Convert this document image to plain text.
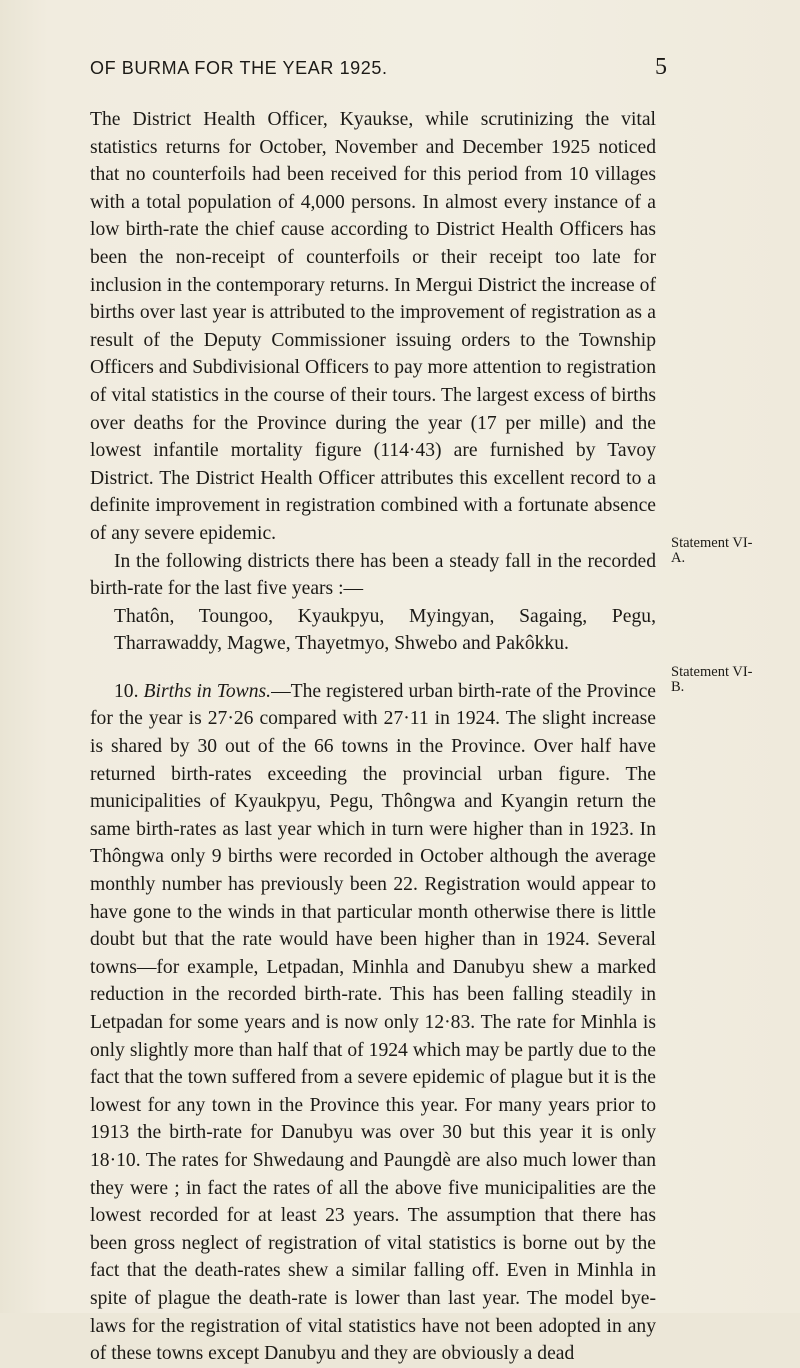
OF BURMA FOR THE YEAR 1925.	5

The District Health Officer, Kyaukse, while scrutinizing the vital statistics returns for October, November and December 1925 noticed that no counterfoils had been received for this period from 10 villages with a total population of 4,000 persons. In almost every instance of a low birth-rate the chief cause according to District Health Officers has been the non-receipt of counterfoils or their receipt too late for inclusion in the contemporary returns. In Mergui District the increase of births over last year is attributed to the improvement of registration as a result of the Deputy Commissioner issuing orders to the Township Officers and Subdivisional Officers to pay more attention to registration of vital statistics in the course of their tours. The largest excess of births over deaths for the Province during the year (17 per mille) and the lowest infantile mortality figure (114·43) are furnished by Tavoy District. The District Health Officer attributes this excellent record to a definite improvement in registration combined with a fortunate absence of any severe epidemic.

In the following districts there has been a steady fall in the recorded birth-rate for the last five years :—

Thatôn, Toungoo, Kyaukpyu, Myingyan, Sagaing, Pegu, Tharrawaddy, Magwe, Thayetmyo, Shwebo and Pakôkku.

10. Births in Towns.—The registered urban birth-rate of the Province for the year is 27·26 compared with 27·11 in 1924. The slight increase is shared by 30 out of the 66 towns in the Province. Over half have returned birth-rates exceeding the provincial urban figure. The municipalities of Kyaukpyu, Pegu, Thôngwa and Kyangin return the same birth-rates as last year which in turn were higher than in 1923. In Thôngwa only 9 births were recorded in October although the average monthly number has previously been 22. Registration would appear to have gone to the winds in that particular month otherwise there is little doubt but that the rate would have been higher than in 1924. Several towns—for example, Letpadan, Minhla and Danubyu shew a marked reduction in the recorded birth-rate. This has been falling steadily in Letpadan for some years and is now only 12·83. The rate for Minhla is only slightly more than half that of 1924 which may be partly due to the fact that the town suffered from a severe epidemic of plague but it is the lowest for any town in the Province this year. For many years prior to 1913 the birth-rate for Danubyu was over 30 but this year it is only 18·10. The rates for Shwedaung and Paungdè are also much lower than they were ; in fact the rates of all the above five municipalities are the lowest recorded for at least 23 years. The assumption that there has been gross neglect of registration of vital statistics is borne out by the fact that the death-rates shew a similar falling off. Even in Minhla in spite of plague the death-rate is lower than last year. The model bye-laws for the registration of vital statistics have not been adopted in any of these towns except Danubyu and they are obviously a dead

Statement VI-A.
Statement VI-B.
